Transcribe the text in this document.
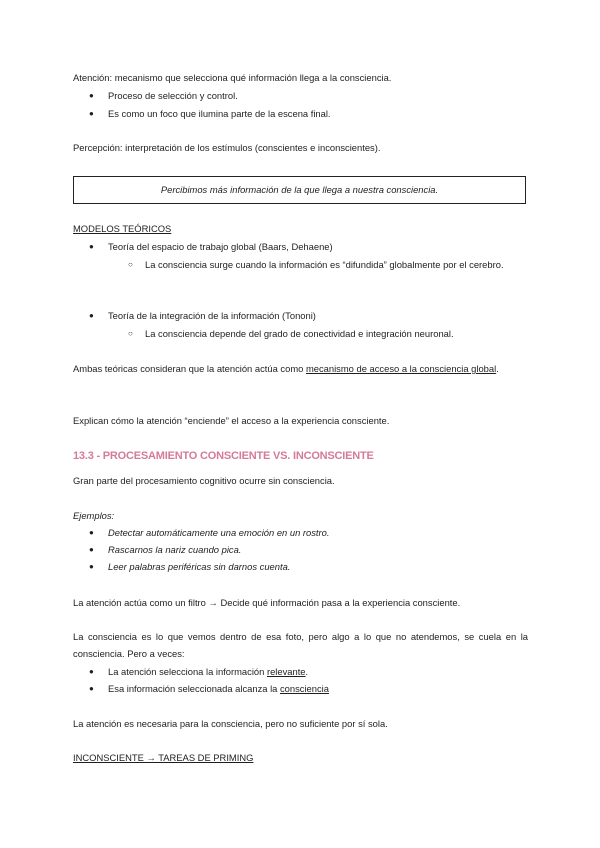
Atención: mecanismo que selecciona qué información llega a la consciencia.
●	Proceso de selección y control.
●	Es como un foco que ilumina parte de la escena final.
Percepción: interpretación de los estímulos (conscientes e inconscientes).
Percibimos más información de la que llega a nuestra consciencia.
MODELOS TEÓRICOS
●	Teoría del espacio de trabajo global (Baars, Dehaene)
○	La consciencia surge cuando la información es “difundida” globalmente por el cerebro.
●	Teoría de la integración de la información (Tononi)
○	La consciencia depende del grado de conectividad e integración neuronal.
Ambas teóricas consideran que la atención actúa como mecanismo de acceso a la consciencia global.
Explican cómo la atención “enciende” el acceso a la experiencia consciente.
13.3 - PROCESAMIENTO CONSCIENTE VS. INCONSCIENTE
Gran parte del procesamiento cognitivo ocurre sin consciencia.
Ejemplos:
●	Detectar automáticamente una emoción en un rostro.
●	Rascarnos la nariz cuando pica.
●	Leer palabras periféricas sin darnos cuenta.
La atención actúa como un filtro → Decide qué información pasa a la experiencia consciente.
La consciencia es lo que vemos dentro de esa foto, pero algo a lo que no atendemos, se cuela en la consciencia. Pero a veces:
●	La atención selecciona la información relevante.
●	Esa información seleccionada alcanza la consciencia
La atención es necesaria para la consciencia, pero no suficiente por sí sola.
INCONSCIENTE → TAREAS DE PRIMING
